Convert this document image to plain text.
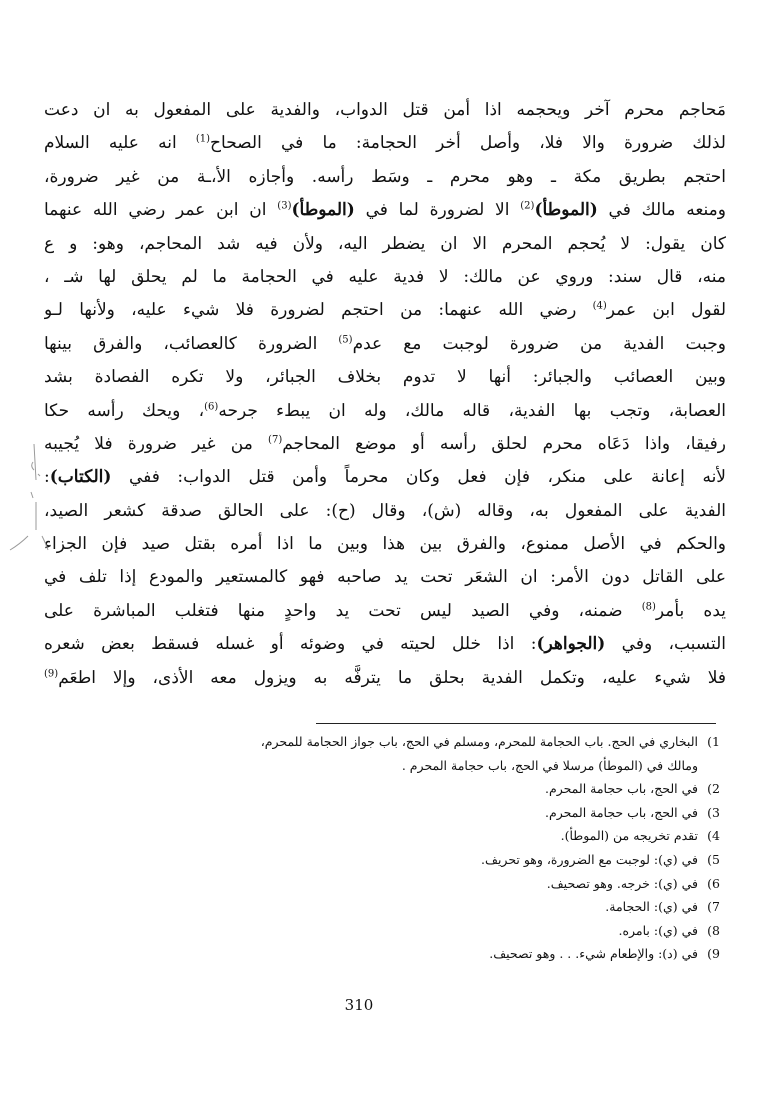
مَحاجم محرم آخر ويحجمه اذا أمن قتل الدواب، والفدية على المفعول به ان دعت
لذلك ضرورة والا فلا، وأصل أخر الحجامة: ما في الصحاح$^{(1)}$ انه عليه السلام
احتجم بطريق مكة ـ وهو محرم ـ وسَط رأسه. وأجازه الأ،ـة من غير ضرورة،
ومنعه مالك في (الموطأ)$^{(2)}$ الا لضرورة لما في (الموطأ)$^{(3)}$ ان ابن عمر رضي الله عنهما
كان يقول: لا يُحجم المحرم الا ان يضطر اليه، ولأن فيه شد المحاجم، وهو: و ع
منه، قال سند: وروي عن مالك: لا فدية عليه في الحجامة ما لم يحلق لها شـ ،
لقول ابن عمر$^{(4)}$ رضي الله عنهما: من احتجم لضرورة فلا شيء عليه، ولأنها لـو
وجبت الفدية من ضرورة لوجبت مع عدم$^{(5)}$ الضرورة كالعصائب، والفرق بينها
وبين العصائب والجبائر: أنها لا تدوم بخلاف الجبائر، ولا تكره الفصادة بشد
العصابة، وتجب بها الفدية، قاله مالك، وله ان يبطء جرحه$^{(6)}$، ويحك رأسه حكا
رفيقا، واذا دَعَاه محرم لحلق رأسه أو موضع المحاجم$^{(7)}$ من غير ضرورة فلا يُجيبه
لأنه إعانة على منكر، فإن فعل وكان محرماً وأمن قتل الدواب: ففي (الكتاب):
الفدية على المفعول به، وقاله (ش)، وقال (ح): على الحالق صدقة كشعر الصيد،
والحكم في الأصل ممنوع، والفرق بين هذا وبين ما اذا أمره بقتل صيد فإن الجزاء
على القاتل دون الأمر: ان الشعَر تحت يد صاحبه فهو كالمستعير والمودع إذا تلف في
يده بأمر$^{(8)}$ ضمنه، وفي الصيد ليس تحت يد واحدٍ منها فتغلب المباشرة على
التسبب، وفي (الجواهر): اذا خلل لحيته في وضوئه أو غسله فسقط بعض شعره
فلا شيء عليه، وتكمل الفدية بحلق ما يترفَّه به ويزول معه الأذى، وإلا اطعَم$^{(9)}$
1)البخاري في الحج. باب الحجامة للمحرم، ومسلم في الحج، باب جواز الحجامة للمحرم،
ومالك في (الموطأ) مرسلا في الحج، باب حجامة المحرم .
2)في الحج، باب حجامة المحرم.
3)في الحج، باب حجامة المحرم.
4)تقدم تخريجه من (الموطأ).
5)في (ي): لوجبت مع الضرورة، وهو تحريف.
6)في (ي): خرجه. وهو تصحيف.
7)في (ي): الحجامة.
8)في (ي): بامره.
9)في (د): والإطعام شيء. . . وهو تصحيف.
310
